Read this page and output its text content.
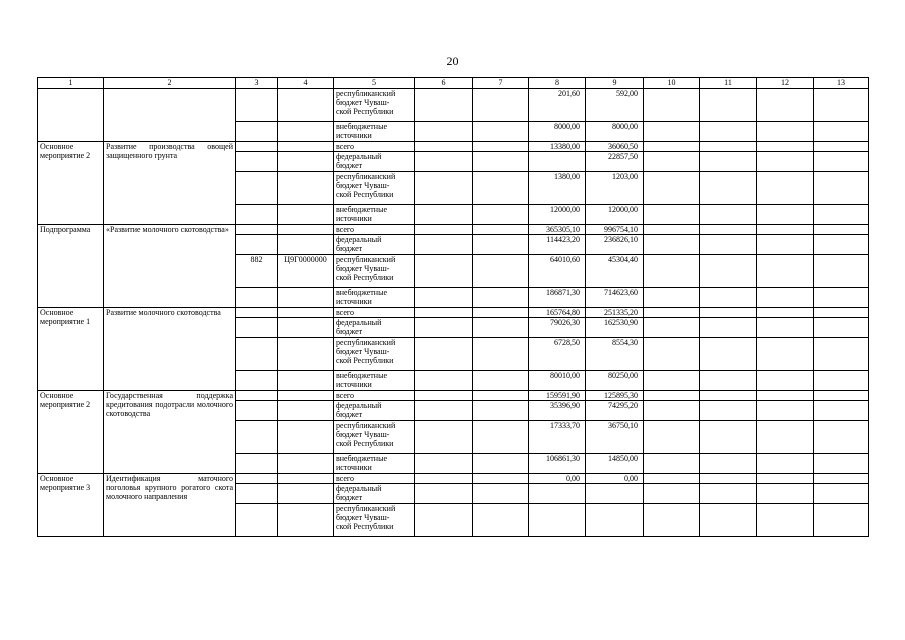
20
1	2	3	4	5	6	7	8	9	10	11	12	13

				республиканский
бюджет Чуваш-
ской Республики			201,60	592,00				

				внебюджетные
источники			8000,00	8000,00				
Основное мероприятие 2	Развитие производства овощей защищенного грунта			всего			13380,00	36060,50				

				федеральный
бюджет				22857,50				

				республиканский
бюджет Чуваш-
ской Республики			1380,00	1203,00				

				внебюджетные
источники			12000,00	12000,00				
Подпрограмма	«Развитие молочного скотоводства»			всего			365305,10	996754,10				

				федеральный
бюджет			114423,20	236826,10				
		882	Ц9Г0000000	республиканский
бюджет Чуваш-
ской Республики			64010,60	45304,40				

				внебюджетные
источники			186871,30	714623,60				
Основное мероприятие 1	Развитие молочного скотоводства			всего			165764,80	251335,20				

				федеральный
бюджет			79026,30	162530,90				

				республиканский
бюджет Чуваш-
ской Республики			6728,50	8554,30				

				внебюджетные
источники			80010,00	80250,00				
Основное мероприятие 2	Государственная поддержка кредитования подотрасли молочного скотоводства			всего			159591,90	125895,30				

				федеральный
бюджет			35396,90	74295,20				

				республиканский
бюджет Чуваш-
ской Республики			17333,70	36750,10				

				внебюджетные
источники			106861,30	14850,00				
Основное мероприятие 3	Идентификация маточного поголовья крупного рогатого скота молочного направления			всего			0,00	0,00				

				федеральный
бюджет								

				республиканский
бюджет Чуваш-
ской Республики								
